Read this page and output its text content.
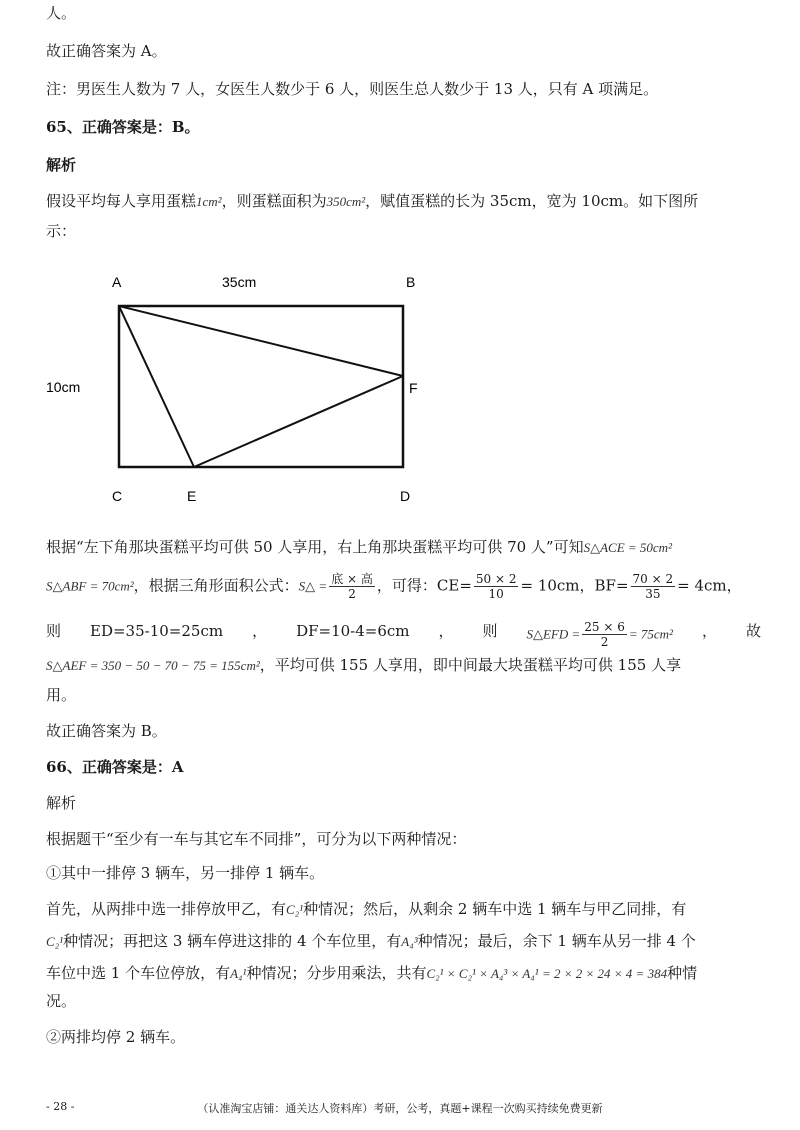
人。
故正确答案为 A。
注：男医生人数为 7 人，女医生人数少于 6 人，则医生总人数少于 13 人，只有 A 项满足。
65、正确答案是：B。
解析
假设平均每人享用蛋糕1cm²，则蛋糕面积为350cm²，赋值蛋糕的长为 35cm，宽为 10cm。如下图所
示：
A	35cm	B
10cm	F
C	E	D
根据“左下角那块蛋糕平均可供 50 人享用，右上角那块蛋糕平均可供 70 人”可知S△ACE = 50cm²
S△ABF = 70cm²，根据三角形面积公式：S△ = $\frac{\text{底 × 高}}{2}$ ，可得：$CE= \frac{50 \times 2}{10} = 10cm$，$BF= \frac{70 \times 2}{35} = 4cm$，
则 ED=35-10=25cm ， DF=10-4=6cm ， 则 S△EFD = $\frac{25 \times 6}{2} = 75cm^2$ ， 故
S△AEF = 350 − 50 − 70 − 75 = 155cm²，平均可供 155 人享用，即中间最大块蛋糕平均可供 155 人享
用。
故正确答案为 B。
66、正确答案是：A
解析
根据题干“至少有一车与其它车不同排”，可分为以下两种情况：
①其中一排停 3 辆车，另一排停 1 辆车。
首先，从两排中选一排停放甲乙，有C₂¹种情况；然后，从剩余 2 辆车中选 1 辆车与甲乙同排，有
C₂¹种情况；再把这 3 辆车停进这排的 4 个车位里，有A₄³种情况；最后，余下 1 辆车从另一排 4 个
车位中选 1 个车位停放，有A₄¹种情况；分步用乘法，共有C₂¹ × C₂¹ × A₄³ × A₄¹ = 2 × 2 × 24 × 4 = 384种情
况。
②两排均停 2 辆车。
- 28 -	（认准淘宝店铺：通关达人资料库）考研，公考，真题+课程一次购买持续免费更新
